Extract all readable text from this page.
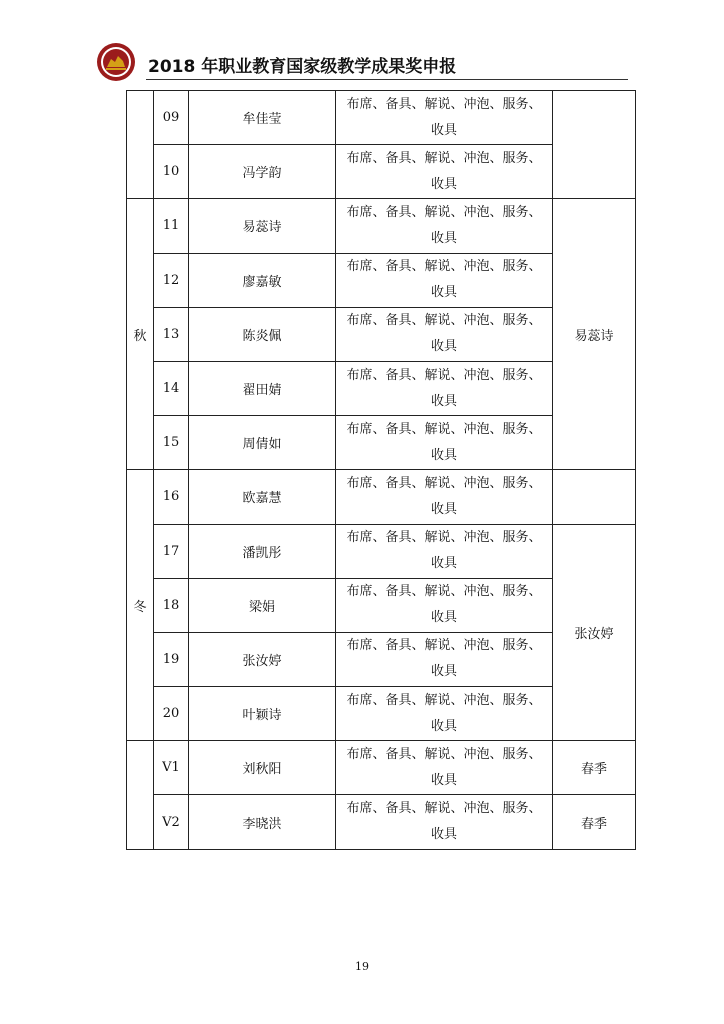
2018 年职业教育国家级教学成果奖申报
	09	牟佳莹	布席、备具、解说、冲泡、服务、收具	

	10	冯学韵	布席、备具、解说、冲泡、服务、收具	

秋	11	易蕊诗	布席、备具、解说、冲泡、服务、收具	易蕊诗
	12	廖嘉敏	布席、备具、解说、冲泡、服务、收具	

	13	陈炎佩	布席、备具、解说、冲泡、服务、收具	

	14	翟田婧	布席、备具、解说、冲泡、服务、收具	

	15	周倩如	布席、备具、解说、冲泡、服务、收具	

冬	16	欧嘉慧	布席、备具、解说、冲泡、服务、收具	

	17	潘凯彤	布席、备具、解说、冲泡、服务、收具	张汝婷
	18	梁娟	布席、备具、解说、冲泡、服务、收具	

	19	张汝婷	布席、备具、解说、冲泡、服务、收具	

	20	叶颖诗	布席、备具、解说、冲泡、服务、收具	

	V1	刘秋阳	布席、备具、解说、冲泡、服务、收具	春季
	V2	李晓洪	布席、备具、解说、冲泡、服务、收具	春季
19
